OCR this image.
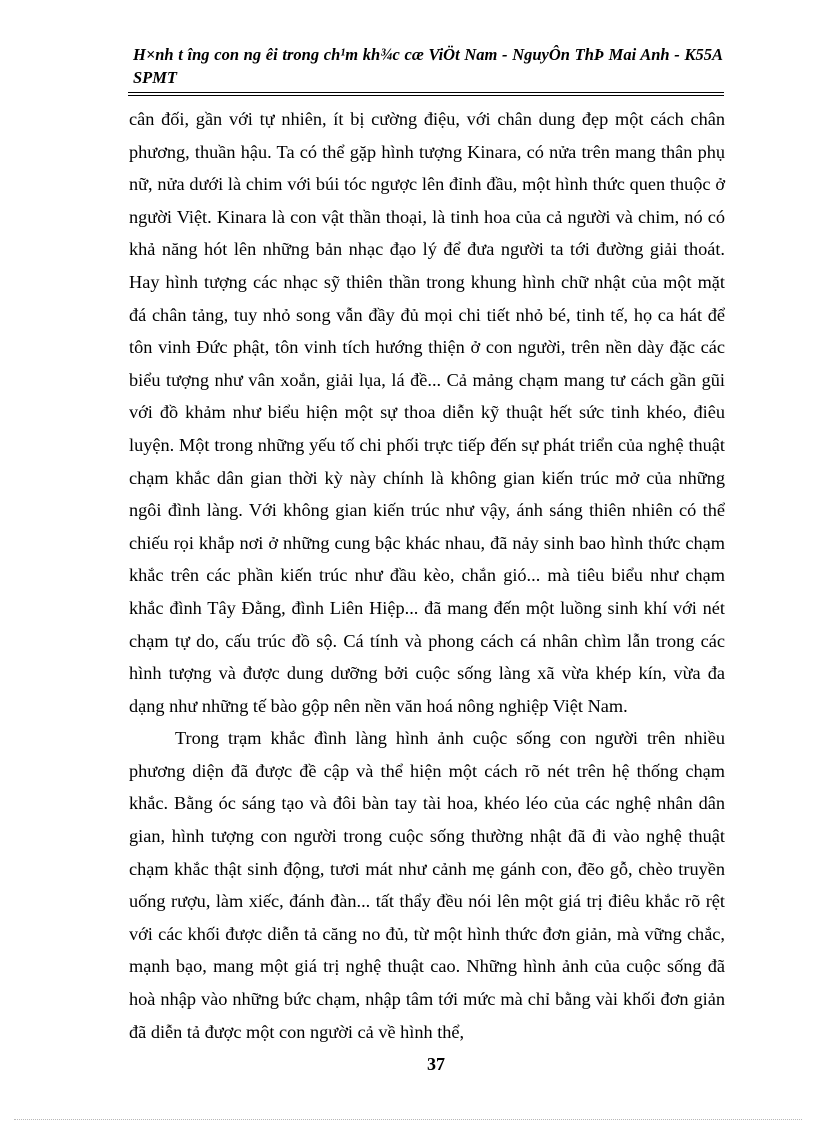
H×nh t îng con ng êi trong ch¹m kh¾c cæ ViÖt Nam - NguyÔn ThÞ Mai Anh - K55A SPMT

cân đối, gần với tự nhiên, ít bị cường điệu, với chân dung đẹp một cách chân phương, thuần hậu. Ta có thể gặp hình tượng Kinara, có nửa trên mang thân phụ nữ, nửa dưới là chim với búi tóc ngược lên đỉnh đầu, một hình thức quen thuộc ở người Việt. Kinara là con vật thần thoại, là tinh hoa của cả người và chim, nó có khả năng hót lên những bản nhạc đạo lý để đưa người ta tới đường giải thoát. Hay hình tượng các nhạc sỹ thiên thần trong khung hình chữ nhật của một mặt đá chân tảng, tuy nhỏ song vẫn đầy đủ mọi chi tiết nhỏ bé, tinh tế, họ ca hát để tôn vinh Đức phật, tôn vinh tích hướng thiện ở con người, trên nền dày đặc các biểu tượng như vân xoắn, giải lụa, lá đề... Cả mảng chạm mang tư cách gần gũi với đồ khảm như biểu hiện một sự thoa diễn kỹ thuật hết sức tinh khéo, điêu luyện. Một trong những yếu tố chi phối trực tiếp đến sự phát triển của nghệ thuật chạm khắc dân gian thời kỳ này chính là không gian kiến trúc mở của những ngôi đình làng. Với không gian kiến trúc như vậy, ánh sáng thiên nhiên có thể chiếu rọi khắp nơi ở những cung bậc khác nhau, đã nảy sinh bao hình thức chạm khắc trên các phần kiến trúc như đầu kèo, chắn gió... mà tiêu biểu như chạm khắc đình Tây Đằng, đình Liên Hiệp... đã mang đến một luồng sinh khí với nét chạm tự do, cấu trúc đồ sộ. Cá tính và phong cách cá nhân chìm lẫn trong các hình tượng và được dung dưỡng bởi cuộc sống làng xã vừa khép kín, vừa đa dạng như những tế bào gộp nên nền văn hoá nông nghiệp Việt Nam.

Trong trạm khắc đình làng hình ảnh cuộc sống con người trên nhiều phương diện đã được đề cập và thể hiện một cách rõ nét trên hệ thống chạm khắc. Bằng óc sáng tạo và đôi bàn tay tài hoa, khéo léo của các nghệ nhân dân gian, hình tượng con người trong cuộc sống thường nhật đã đi vào nghệ thuật chạm khắc thật sinh động, tươi mát như cảnh mẹ gánh con, đẽo gỗ, chèo truyền uống rượu, làm xiếc, đánh đàn... tất thẩy đều nói lên một giá trị điêu khắc rõ rệt với các khối được diễn tả căng no đủ, từ một hình thức đơn giản, mà vững chắc, mạnh bạo, mang một giá trị nghệ thuật cao. Những hình ảnh của cuộc sống đã hoà nhập vào những bức chạm, nhập tâm tới mức mà chỉ bằng vài khối đơn giản đã diễn tả được một con người cả về hình thể,

37
